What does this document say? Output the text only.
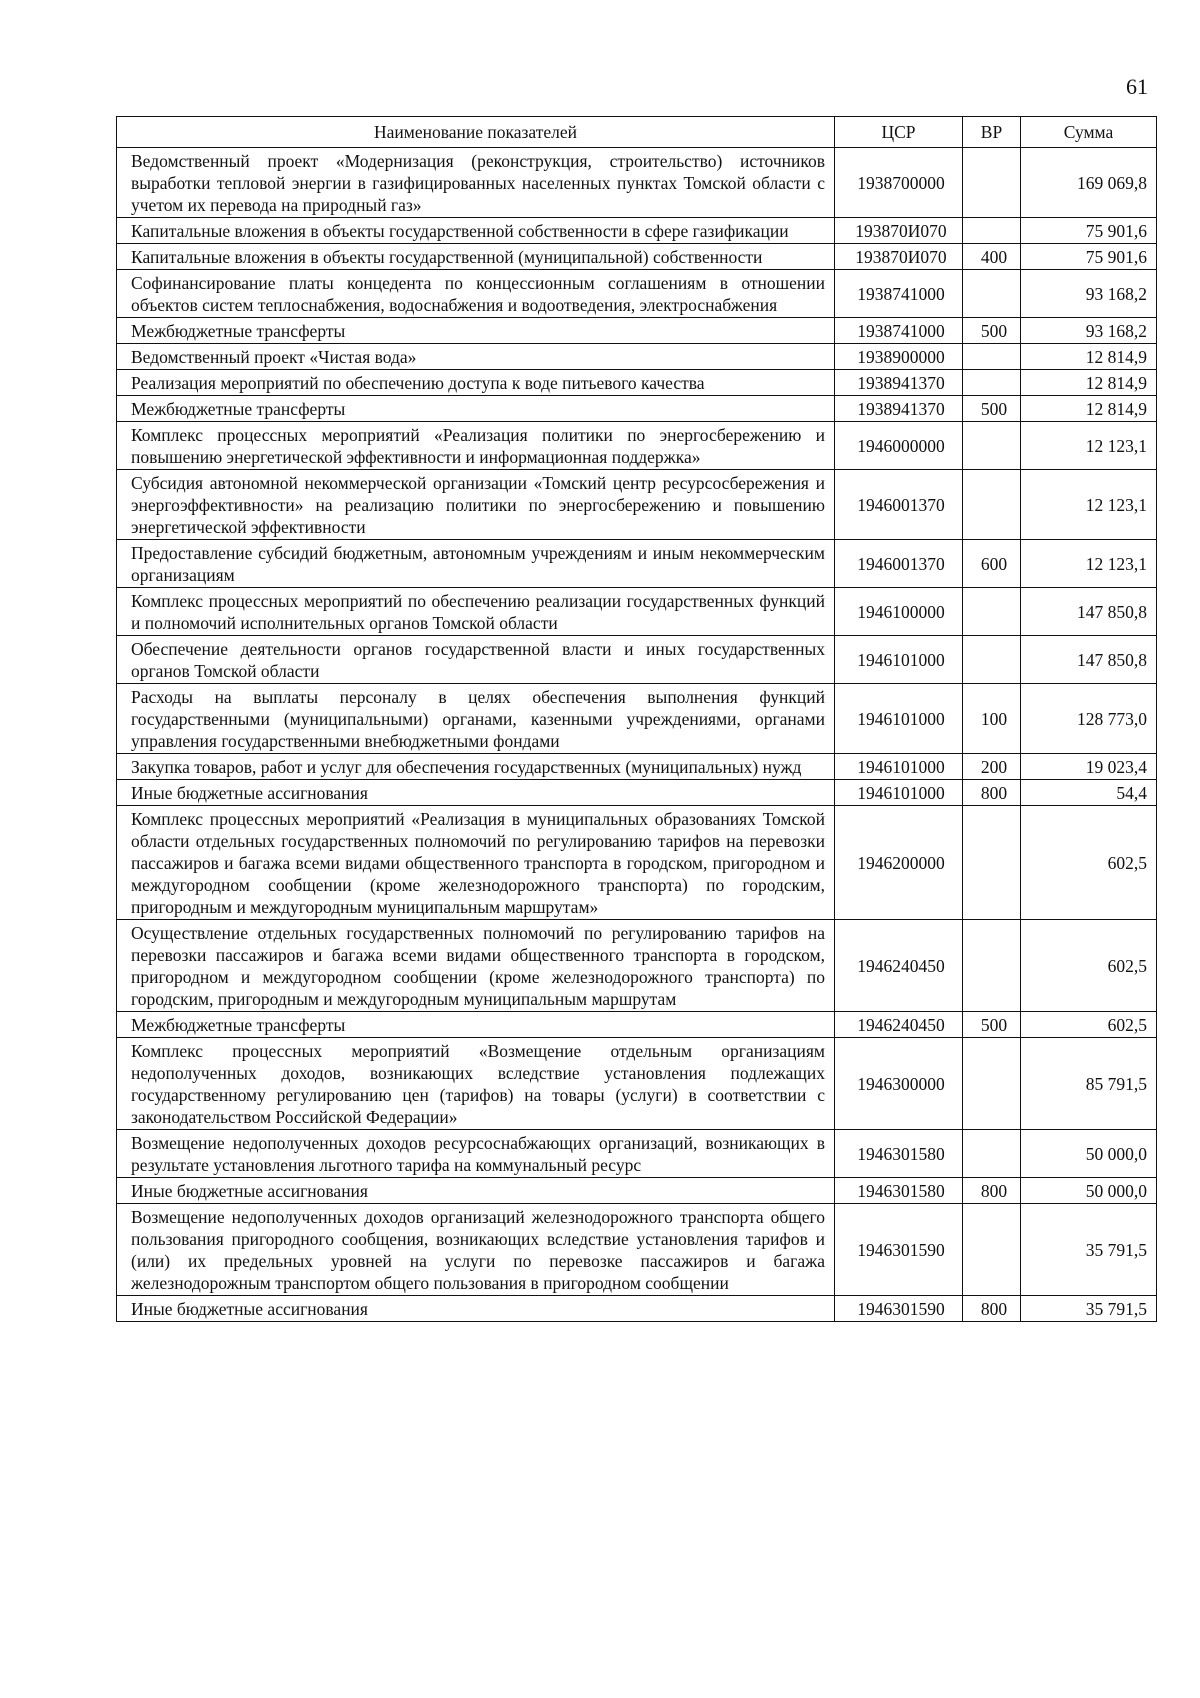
61
Наименование показателей	ЦСР	ВР	Сумма
Ведомственный проект «Модернизация (реконструкция, строительство) источников выработки тепловой энергии в газифицированных населенных пунктах Томской области с учетом их перевода на природный газ»	1938700000		169 069,8
Капитальные вложения в объекты государственной собственности в сфере газификации	193870И070		75 901,6
Капитальные вложения в объекты государственной (муниципальной) собственности	193870И070	400	75 901,6
Софинансирование платы концедента по концессионным соглашениям в отношении объектов систем теплоснабжения, водоснабжения и водоотведения, электроснабжения	1938741000		93 168,2
Межбюджетные трансферты	1938741000	500	93 168,2
Ведомственный проект «Чистая вода»	1938900000		12 814,9
Реализация мероприятий по обеспечению доступа к воде питьевого качества	1938941370		12 814,9
Межбюджетные трансферты	1938941370	500	12 814,9
Комплекс процессных мероприятий «Реализация политики по энергосбережению и повышению энергетической эффективности и информационная поддержка»	1946000000		12 123,1
Субсидия автономной некоммерческой организации «Томский центр ресурсосбережения и энергоэффективности» на реализацию политики по энергосбережению и повышению энергетической эффективности	1946001370		12 123,1
Предоставление субсидий бюджетным, автономным учреждениям и иным некоммерческим организациям	1946001370	600	12 123,1
Комплекс процессных мероприятий по обеспечению реализации государственных функций и полномочий исполнительных органов Томской области	1946100000		147 850,8
Обеспечение деятельности органов государственной власти и иных государственных органов Томской области	1946101000		147 850,8
Расходы на выплаты персоналу в целях обеспечения выполнения функций государственными (муниципальными) органами, казенными учреждениями, органами управления государственными внебюджетными фондами	1946101000	100	128 773,0
Закупка товаров, работ и услуг для обеспечения государственных (муниципальных) нужд	1946101000	200	19 023,4
Иные бюджетные ассигнования	1946101000	800	54,4
Комплекс процессных мероприятий «Реализация в муниципальных образованиях Томской области отдельных государственных полномочий по регулированию тарифов на перевозки пассажиров и багажа всеми видами общественного транспорта в городском, пригородном и междугородном сообщении (кроме железнодорожного транспорта) по городским, пригородным и междугородным муниципальным маршрутам»	1946200000		602,5
Осуществление отдельных государственных полномочий по регулированию тарифов на перевозки пассажиров и багажа всеми видами общественного транспорта в городском, пригородном и междугородном сообщении (кроме железнодорожного транспорта) по городским, пригородным и междугородным муниципальным маршрутам	1946240450		602,5
Межбюджетные трансферты	1946240450	500	602,5
Комплекс процессных мероприятий «Возмещение отдельным организациям недополученных доходов, возникающих вследствие установления подлежащих государственному регулированию цен (тарифов) на товары (услуги) в соответствии с законодательством Российской Федерации»	1946300000		85 791,5
Возмещение недополученных доходов ресурсоснабжающих организаций, возникающих в результате установления льготного тарифа на коммунальный ресурс	1946301580		50 000,0
Иные бюджетные ассигнования	1946301580	800	50 000,0
Возмещение недополученных доходов организаций железнодорожного транспорта общего пользования пригородного сообщения, возникающих вследствие установления тарифов и (или) их предельных уровней на услуги по перевозке пассажиров и багажа железнодорожным транспортом общего пользования в пригородном сообщении	1946301590		35 791,5
Иные бюджетные ассигнования	1946301590	800	35 791,5
